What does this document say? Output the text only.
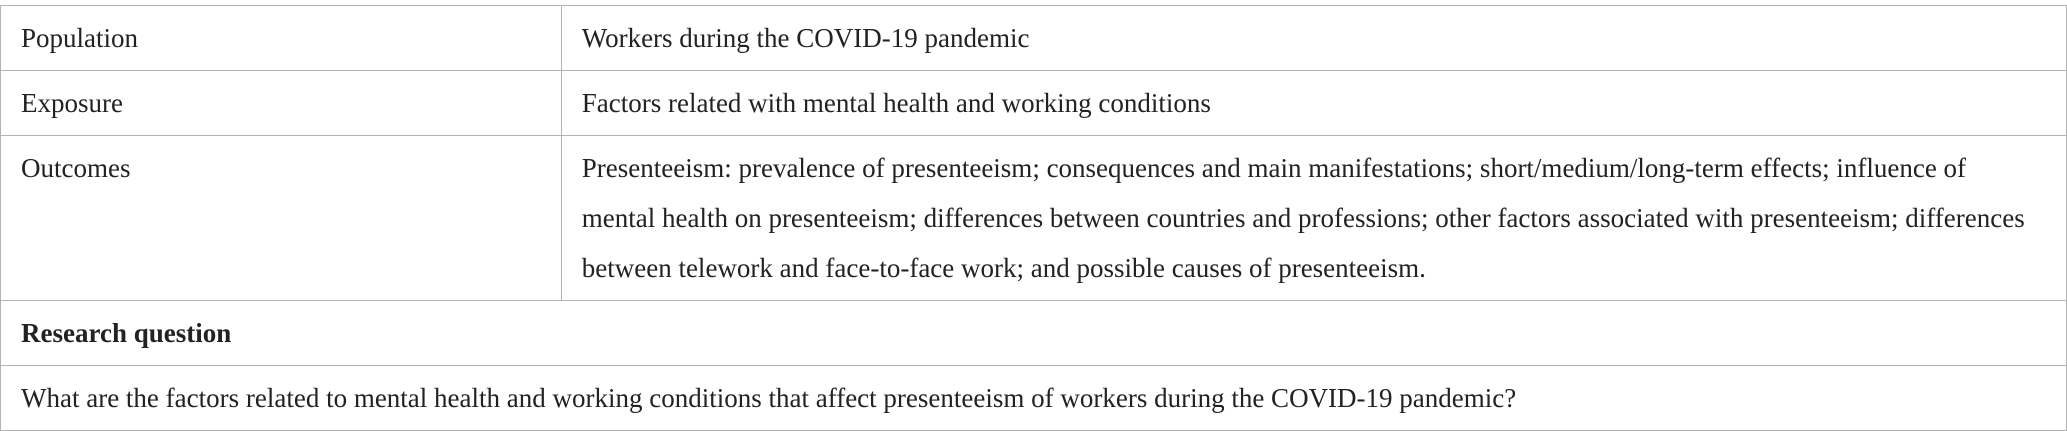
Population	Workers during the COVID-19 pandemic
Exposure	Factors related with mental health and working conditions
Outcomes	Presenteeism: prevalence of presenteeism; consequences and main manifestations; short/medium/long-term effects; influence of mental health on presenteeism; differences between countries and professions; other factors associated with presenteeism; differences between telework and face-to-face work; and possible causes of presenteeism.
Research question	
What are the factors related to mental health and working conditions that affect presenteeism of workers during the COVID-19 pandemic?	
